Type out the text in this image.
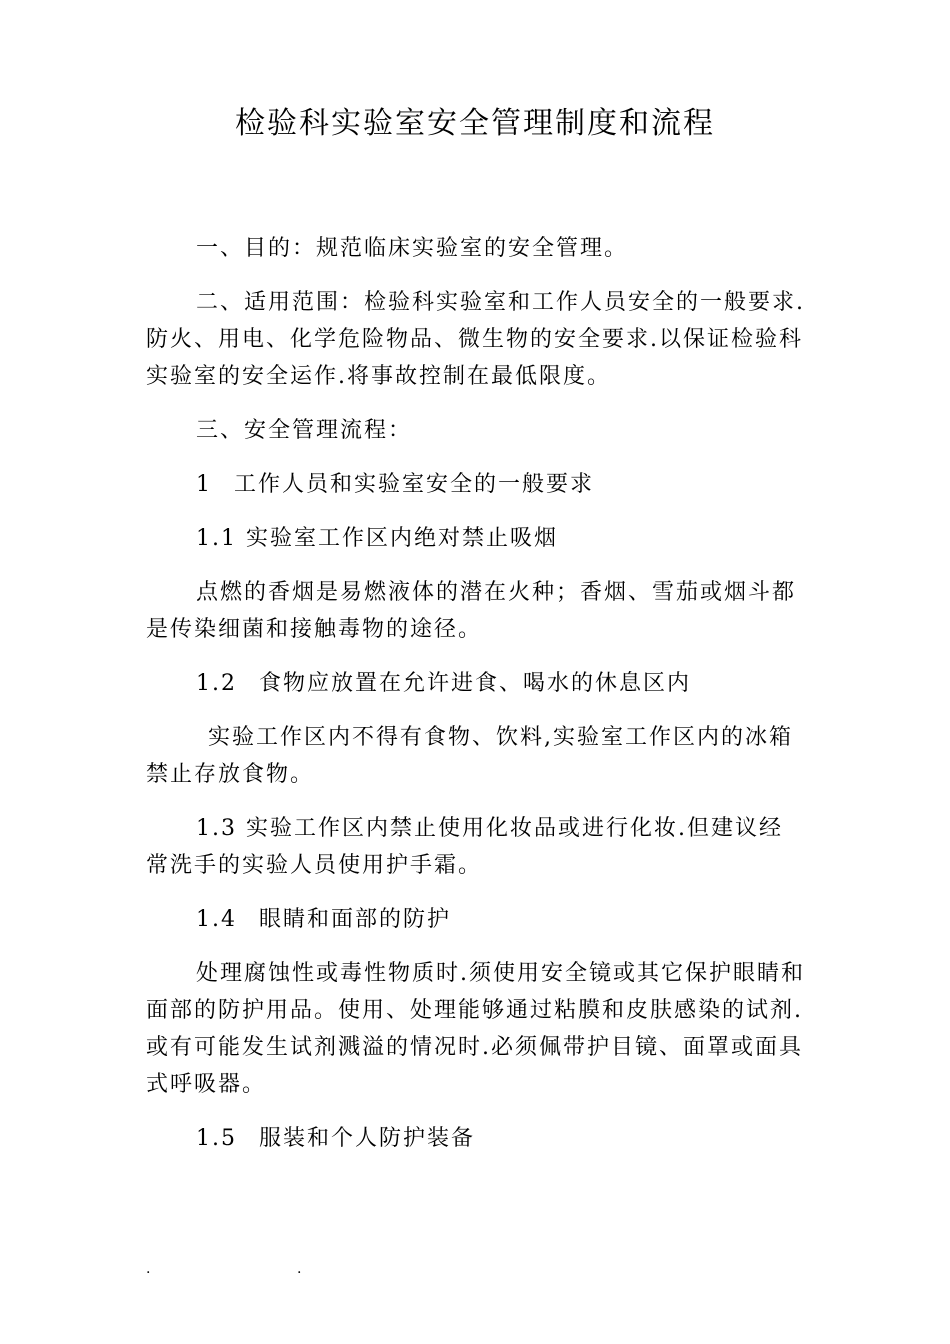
检验科实验室安全管理制度和流程

一、目的：规范临床实验室的安全管理。

二、适用范围：检验科实验室和工作人员安全的一般要求.防火、用电、化学危险物品、微生物的安全要求.以保证检验科实验室的安全运作.将事故控制在最低限度。

三、安全管理流程：

1 工作人员和实验室安全的一般要求

1.1 实验室工作区内绝对禁止吸烟

点燃的香烟是易燃液体的潜在火种；香烟、雪茄或烟斗都是传染细菌和接触毒物的途径。

1.2 食物应放置在允许进食、喝水的休息区内

实验工作区内不得有食物、饮料,实验室工作区内的冰箱禁止存放食物。

1.3 实验工作区内禁止使用化妆品或进行化妆.但建议经常洗手的实验人员使用护手霜。

1.4 眼睛和面部的防护

处理腐蚀性或毒性物质时.须使用安全镜或其它保护眼睛和面部的防护用品。使用、处理能够通过粘膜和皮肤感染的试剂.或有可能发生试剂溅溢的情况时.必须佩带护目镜、面罩或面具式呼吸器。

1.5 服装和个人防护装备

.	.
